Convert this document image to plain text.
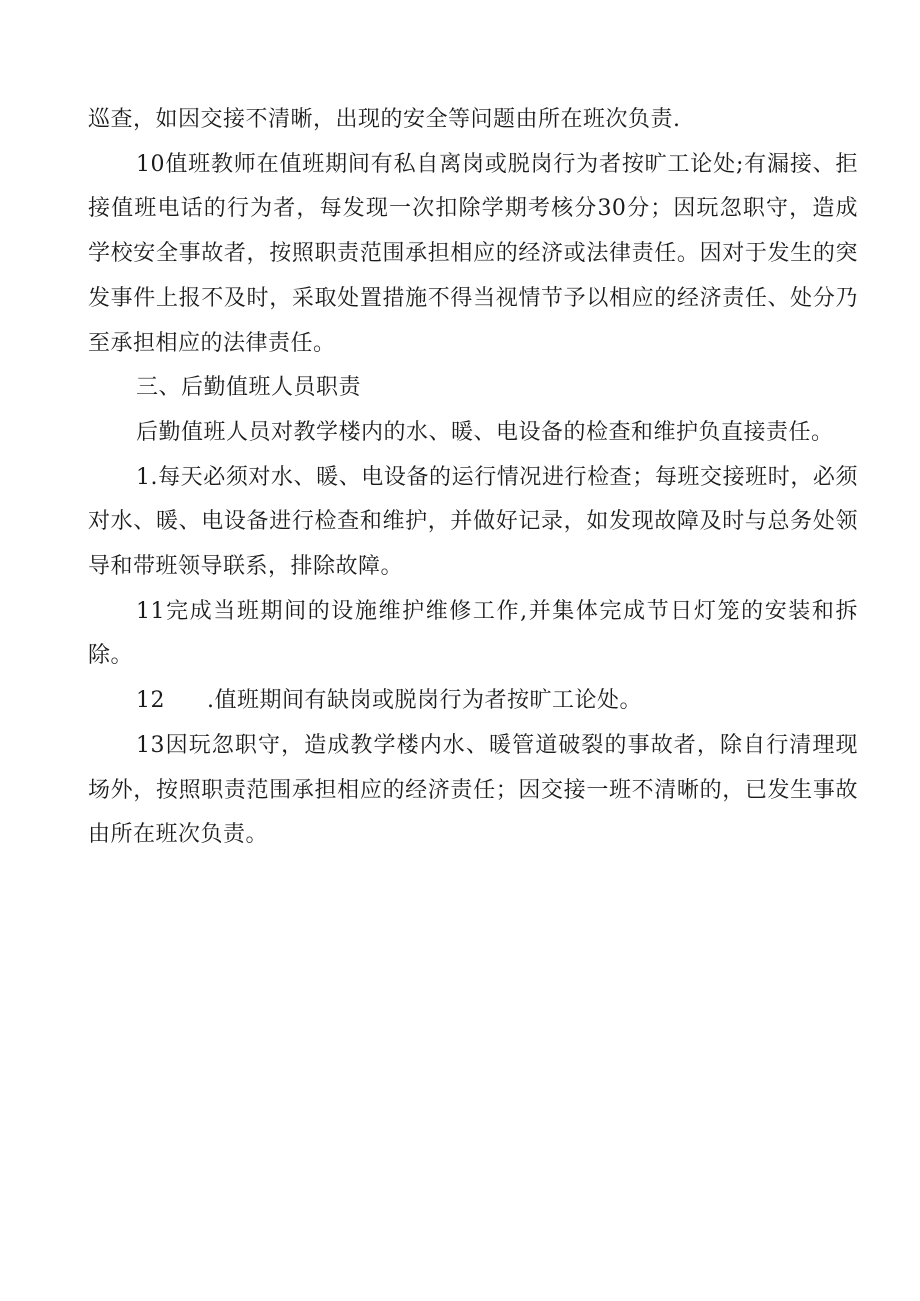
巡查，如因交接不清晰，出现的安全等问题由所在班次负责.

10值班教师在值班期间有私自离岗或脱岗行为者按旷工论处;有漏接、拒接值班电话的行为者，每发现一次扣除学期考核分30分；因玩忽职守，造成学校安全事故者，按照职责范围承担相应的经济或法律责任。因对于发生的突发事件上报不及时，采取处置措施不得当视情节予以相应的经济责任、处分乃至承担相应的法律责任。

三、后勤值班人员职责

后勤值班人员对教学楼内的水、暖、电设备的检查和维护负直接责任。

1.每天必须对水、暖、电设备的运行情况进行检查；每班交接班时，必须对水、暖、电设备进行检查和维护，并做好记录，如发现故障及时与总务处领导和带班领导联系，排除故障。

11完成当班期间的设施维护维修工作,并集体完成节日灯笼的安装和拆除。

12 .值班期间有缺岗或脱岗行为者按旷工论处。

13因玩忽职守，造成教学楼内水、暖管道破裂的事故者，除自行清理现场外，按照职责范围承担相应的经济责任；因交接一班不清晰的，已发生事故由所在班次负责。
